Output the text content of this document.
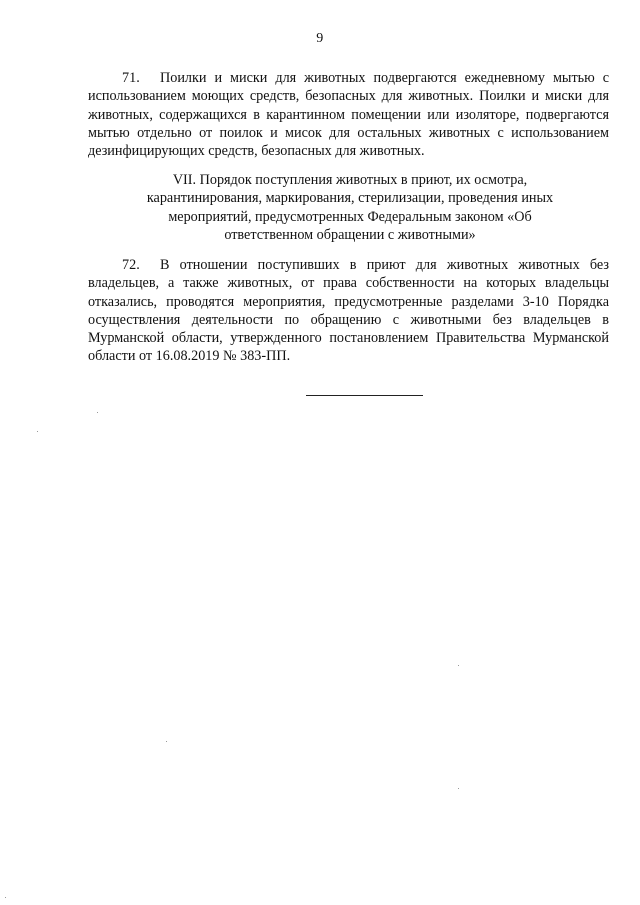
9
71. Поилки и миски для животных подвергаются ежедневному мытью с использованием моющих средств, безопасных для животных. Поилки и миски для животных, содержащихся в карантинном помещении или изоляторе, подвергаются мытью отдельно от поилок и мисок для остальных животных с использованием дезинфицирующих средств, безопасных для животных.
VII. Порядок поступления животных в приют, их осмотра, карантинирования, маркирования, стерилизации, проведения иных мероприятий, предусмотренных Федеральным законом «Об ответственном обращении с животными»
72. В отношении поступивших в приют для животных животных без владельцев, а также животных, от права собственности на которых владельцы отказались, проводятся мероприятия, предусмотренные разделами 3-10 Порядка осуществления деятельности по обращению с животными без владельцев в Мурманской области, утвержденного постановлением Правительства Мурманской области от 16.08.2019 № 383-ПП.
